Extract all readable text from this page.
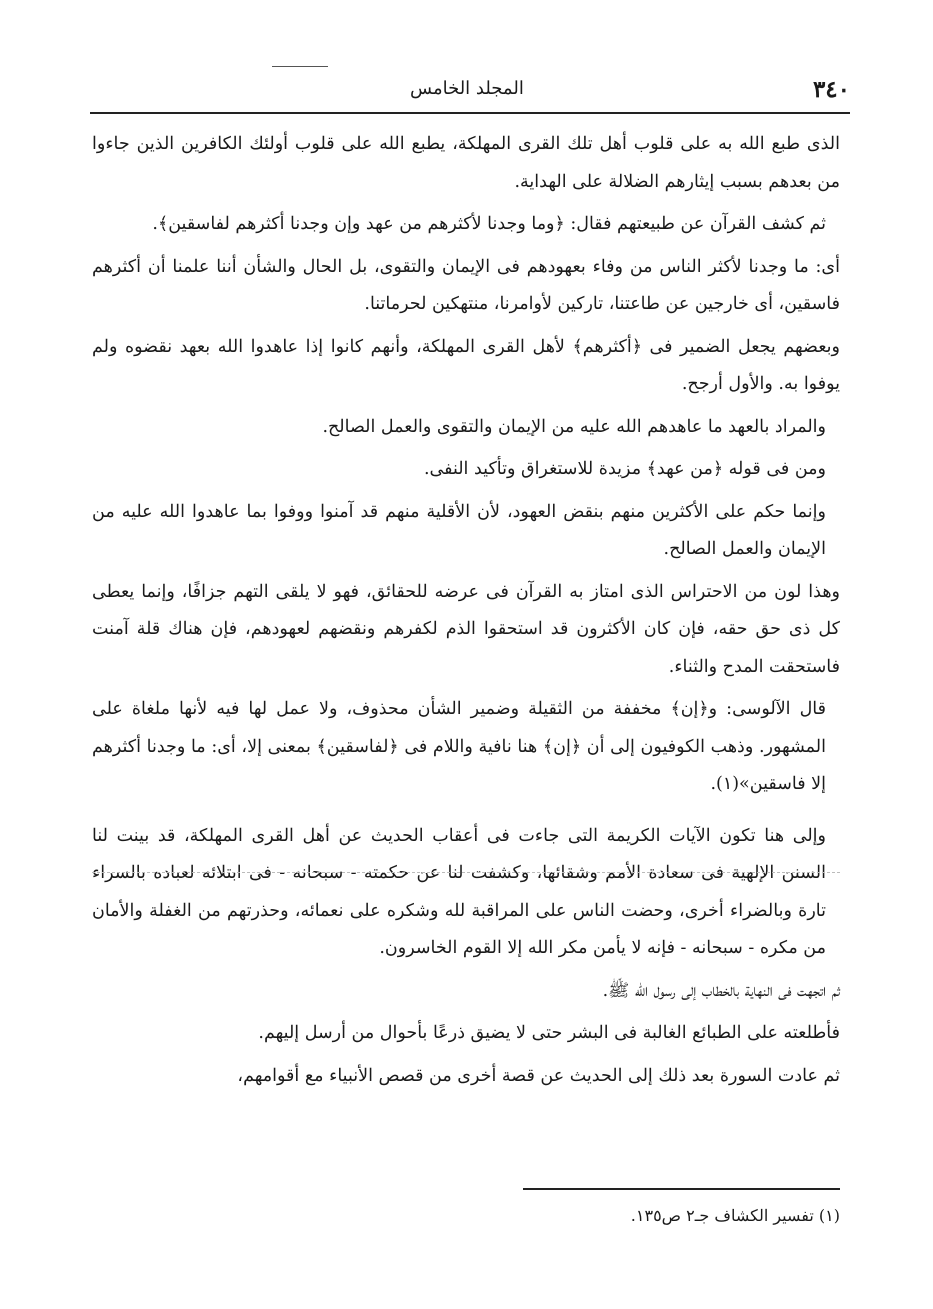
٣٤٠
المجلد الخامس

الذى طبع الله به على قلوب أهل تلك القرى المهلكة، يطبع الله على قلوب أولئك الكافرين الذين جاءوا من بعدهم بسبب إيثارهم الضلالة على الهداية.

ثم كشف القرآن عن طبيعتهم فقال: ﴿وما وجدنا لأكثرهم من عهد وإن وجدنا أكثرهم لفاسقين﴾.

أى: ما وجدنا لأكثر الناس من وفاء بعهودهم فى الإيمان والتقوى، بل الحال والشأن أننا علمنا أن أكثرهم فاسقين، أى خارجين عن طاعتنا، تاركين لأوامرنا، منتهكين لحرماتنا.

وبعضهم يجعل الضمير فى ﴿أكثرهم﴾ لأهل القرى المهلكة، وأنهم كانوا إذا عاهدوا الله بعهد نقضوه ولم يوفوا به. والأول أرجح.

والمراد بالعهد ما عاهدهم الله عليه من الإيمان والتقوى والعمل الصالح.

ومن فى قوله ﴿من عهد﴾ مزيدة للاستغراق وتأكيد النفى.

وإنما حكم على الأكثرين منهم بنقض العهود، لأن الأقلية منهم قد آمنوا ووفوا بما عاهدوا الله عليه من الإيمان والعمل الصالح.

وهذا لون من الاحتراس الذى امتاز به القرآن فى عرضه للحقائق، فهو لا يلقى التهم جزافًا، وإنما يعطى كل ذى حق حقه، فإن كان الأكثرون قد استحقوا الذم لكفرهم ونقضهم لعهودهم، فإن هناك قلة آمنت فاستحقت المدح والثناء.

قال الآلوسى: و﴿إن﴾ مخففة من الثقيلة وضمير الشأن محذوف، ولا عمل لها فيه لأنها ملغاة على المشهور. وذهب الكوفيون إلى أن ﴿إن﴾ هنا نافية واللام فى ﴿لفاسقين﴾ بمعنى إلا، أى: ما وجدنا أكثرهم إلا فاسقين»(١).

وإلى هنا تكون الآيات الكريمة التى جاءت فى أعقاب الحديث عن أهل القرى المهلكة، قد بينت لنا السنن الإلهية فى سعادة الأمم وشقائها، وكشفت لنا عن حكمته - سبحانه - فى ابتلائه لعباده بالسراء تارة وبالضراء أخرى، وحضت الناس على المراقبة لله وشكره على نعمائه، وحذرتهم من الغفلة والأمان من مكره - سبحانه - فإنه لا يأمن مكر الله إلا القوم الخاسرون.

ثم اتجهت فى النهاية بالخطاب إلى رسول الله ﷺ.

فأطلعته على الطبائع الغالبة فى البشر حتى لا يضيق ذرعًا بأحوال من أرسل إليهم.

ثم عادت السورة بعد ذلك إلى الحديث عن قصة أخرى من قصص الأنبياء مع أقوامهم،

(١) تفسير الكشاف جـ٢ ص١٣٥.
